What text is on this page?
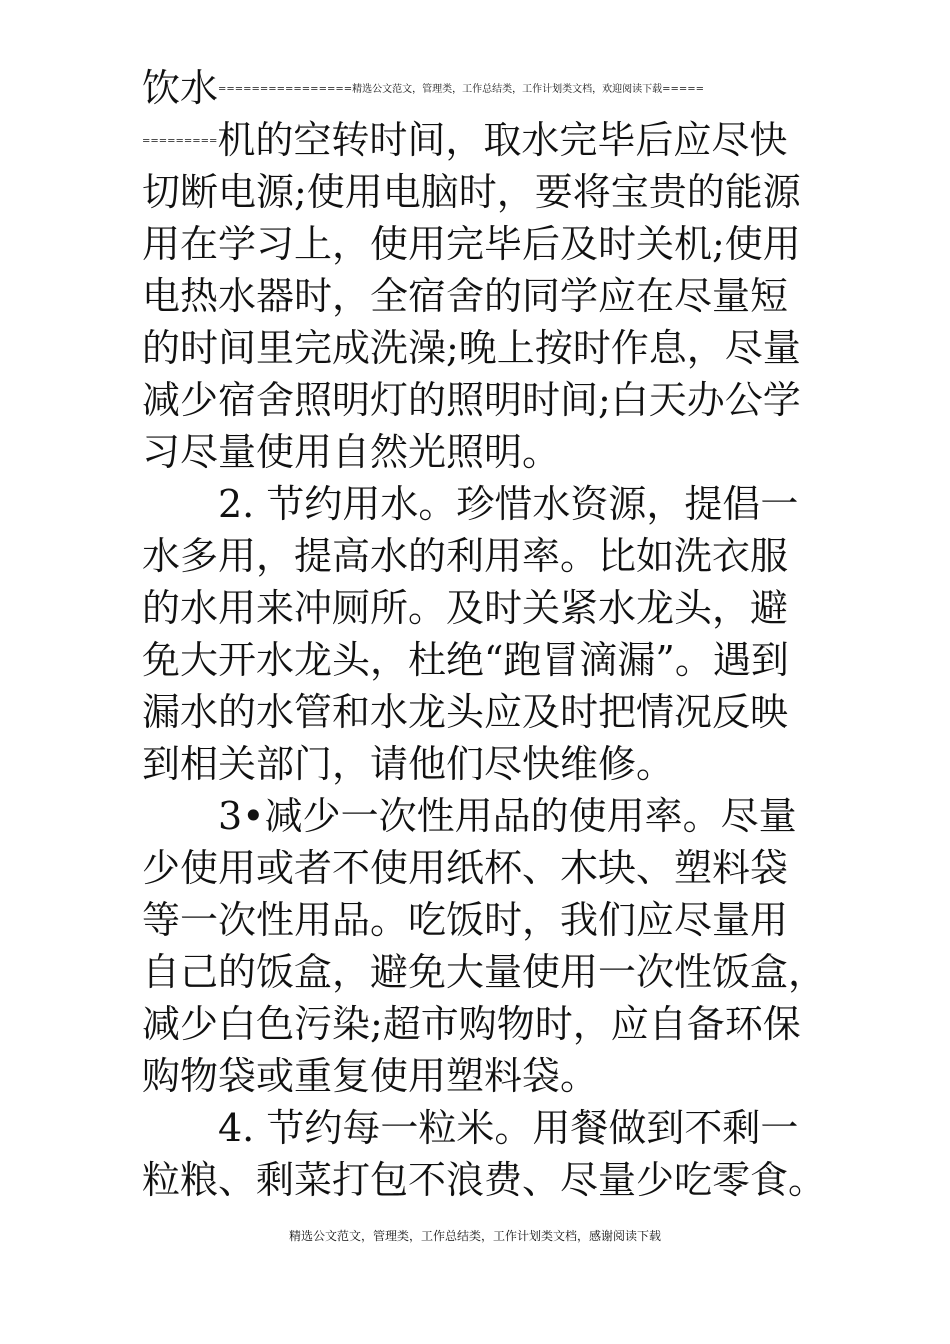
饮水================精选公文范文，管理类，工作总结类，工作计划类文档，欢迎阅读下载=====
=========机的空转时间，取水完毕后应尽快
切断电源;使用电脑时，要将宝贵的能源
用在学习上，使用完毕后及时关机;使用
电热水器时，全宿舍的同学应在尽量短
的时间里完成洗澡;晚上按时作息，尽量
减少宿舍照明灯的照明时间;白天办公学
习尽量使用自然光照明。
2. 节约用水。珍惜水资源，提倡一
水多用，提高水的利用率。比如洗衣服
的水用来冲厕所。及时关紧水龙头，避
免大开水龙头，杜绝“跑冒滴漏”。遇到
漏水的水管和水龙头应及时把情况反映
到相关部门，请他们尽快维修。
3•减少一次性用品的使用率。尽量
少使用或者不使用纸杯、木块、塑料袋
等一次性用品。吃饭时，我们应尽量用
自己的饭盒，避免大量使用一次性饭盒，
减少白色污染;超市购物时，应自备环保
购物袋或重复使用塑料袋。
4. 节约每一粒米。用餐做到不剩一
粒粮、剩菜打包不浪费、尽量少吃零食。
精选公文范文，管理类，工作总结类，工作计划类文档，感谢阅读下载
